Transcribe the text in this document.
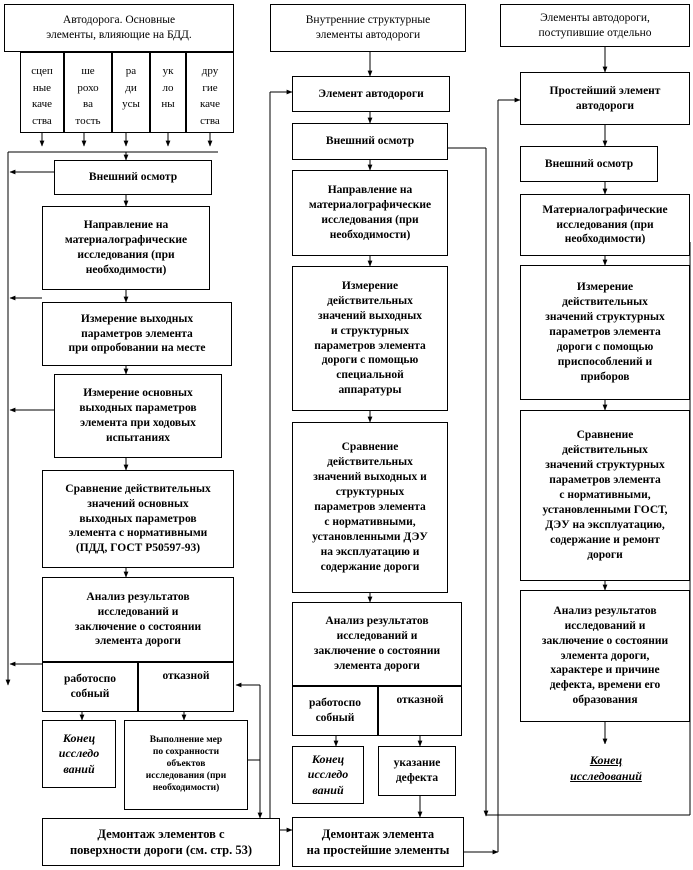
Автодорога. Основные
элементы, влияющие на БДД.
сцеп
ные
каче
ства
ше
рохо
ва
тость
ра
ди
усы
ук
ло
ны
дру
гие
каче
ства
Внешний осмотр
Направление на
материалографические
исследования (при
необходимости)
Измерение выходных
параметров элемента
при опробовании на месте
Измерение основных
выходных параметров
элемента при ходовых
испытаниях
Сравнение действительных
значений основных
выходных параметров
элемента с нормативными
(ПДД, ГОСТ Р50597-93)
Анализ результатов
исследований и
заключение о состоянии
элемента дороги
работоспо
собный
отказной
Конец
исследо
ваний
Выполнение мер
по сохранности
объектов
исследования (при
необходимости)
Демонтаж элементов с
поверхности дороги (см. стр. 53)
Внутренние структурные
элементы автодороги
Элемент автодороги
Внешний осмотр
Направление на
материалографические
исследования (при
необходимости)
Измерение
действительных
значений выходных
и структурных
параметров элемента
дороги с помощью
специальной
аппаратуры
Сравнение
действительных
значений выходных и
структурных
параметров элемента
с нормативными,
установленными ДЭУ
на эксплуатацию и
содержание дороги
Анализ результатов
исследований и
заключение о состоянии
элемента дороги
работоспо
собный
отказной
Конец
исследо
ваний
указание
дефекта
Демонтаж элемента
на простейшие элементы
Элементы автодороги,
поступившие отдельно
Простейший элемент
автодороги
Внешний осмотр
Материалографические
исследования (при
необходимости)
Измерение
действительных
значений структурных
параметров элемента
дороги с помощью
приспособлений и
приборов
Сравнение
действительных
значений структурных
параметров элемента
с нормативными,
установленными ГОСТ,
ДЭУ на эксплуатацию,
содержание и ремонт
дороги
Анализ результатов
исследований и
заключение о состоянии
элемента дороги,
характере и причине
дефекта, времени его
образования
Конец
исследований
